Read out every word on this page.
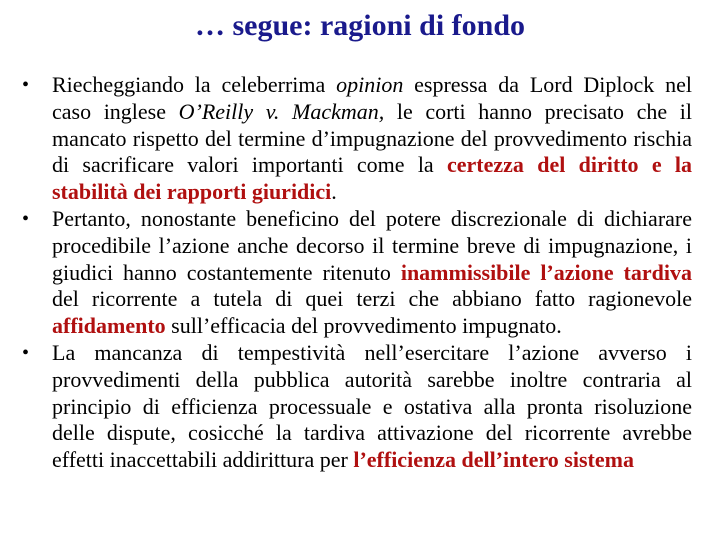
… segue: ragioni di fondo
• Riecheggiando la celeberrima opinion espressa da Lord Diplock nel caso inglese O’Reilly v. Mackman, le corti hanno precisato che il mancato rispetto del termine d’impugnazione del provvedimento rischia di sacrificare valori importanti come la certezza del diritto e la stabilità dei rapporti giuridici.
• Pertanto, nonostante beneficino del potere discrezionale di dichiarare procedibile l’azione anche decorso il termine breve di impugnazione, i giudici hanno costantemente ritenuto inammissibile l’azione tardiva del ricorrente a tutela di quei terzi che abbiano fatto ragionevole affidamento sull’efficacia del provvedimento impugnato.
• La mancanza di tempestività nell’esercitare l’azione avverso i provvedimenti della pubblica autorità sarebbe inoltre contraria al principio di efficienza processuale e ostativa alla pronta risoluzione delle dispute, cosicché la tardiva attivazione del ricorrente avrebbe effetti inaccettabili addirittura per l’efficienza dell’intero sistema
